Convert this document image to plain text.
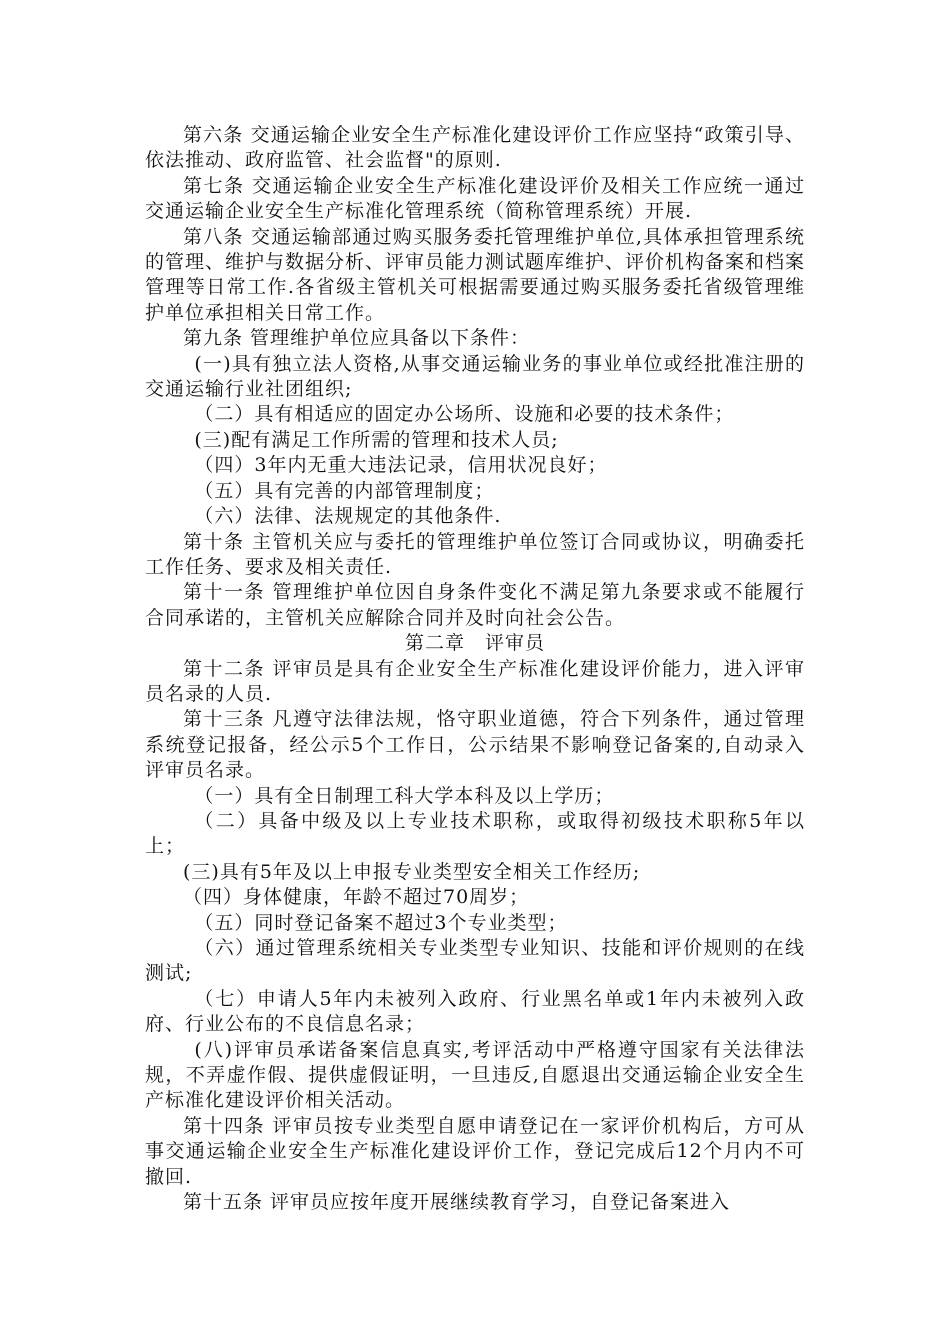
第六条 交通运输企业安全生产标准化建设评价工作应坚持“政策引导、依法推动、政府监管、社会监督"的原则.

第七条 交通运输企业安全生产标准化建设评价及相关工作应统一通过交通运输企业安全生产标准化管理系统（简称管理系统）开展.

第八条 交通运输部通过购买服务委托管理维护单位,具体承担管理系统的管理、维护与数据分析、评审员能力测试题库维护、评价机构备案和档案管理等日常工作.各省级主管机关可根据需要通过购买服务委托省级管理维护单位承担相关日常工作。

第九条 管理维护单位应具备以下条件：

(一)具有独立法人资格,从事交通运输业务的事业单位或经批准注册的交通运输行业社团组织;

（二）具有相适应的固定办公场所、设施和必要的技术条件；

(三)配有满足工作所需的管理和技术人员;

（四）3年内无重大违法记录，信用状况良好；

（五）具有完善的内部管理制度；

（六）法律、法规规定的其他条件.

第十条 主管机关应与委托的管理维护单位签订合同或协议，明确委托工作任务、要求及相关责任.

第十一条 管理维护单位因自身条件变化不满足第九条要求或不能履行合同承诺的，主管机关应解除合同并及时向社会公告。

第二章　评审员

第十二条 评审员是具有企业安全生产标准化建设评价能力，进入评审员名录的人员.

第十三条 凡遵守法律法规，恪守职业道德，符合下列条件，通过管理系统登记报备，经公示5个工作日，公示结果不影响登记备案的,自动录入评审员名录。

（一）具有全日制理工科大学本科及以上学历；

（二）具备中级及以上专业技术职称，或取得初级技术职称5年以上；

(三)具有5年及以上申报专业类型安全相关工作经历;

（四）身体健康，年龄不超过70周岁；

（五）同时登记备案不超过3个专业类型；

（六）通过管理系统相关专业类型专业知识、技能和评价规则的在线测试;

（七）申请人5年内未被列入政府、行业黑名单或1年内未被列入政府、行业公布的不良信息名录；

(八)评审员承诺备案信息真实,考评活动中严格遵守国家有关法律法规，不弄虚作假、提供虚假证明，一旦违反,自愿退出交通运输企业安全生产标准化建设评价相关活动。

第十四条 评审员按专业类型自愿申请登记在一家评价机构后，方可从事交通运输企业安全生产标准化建设评价工作，登记完成后12个月内不可撤回.

第十五条 评审员应按年度开展继续教育学习，自登记备案进入
